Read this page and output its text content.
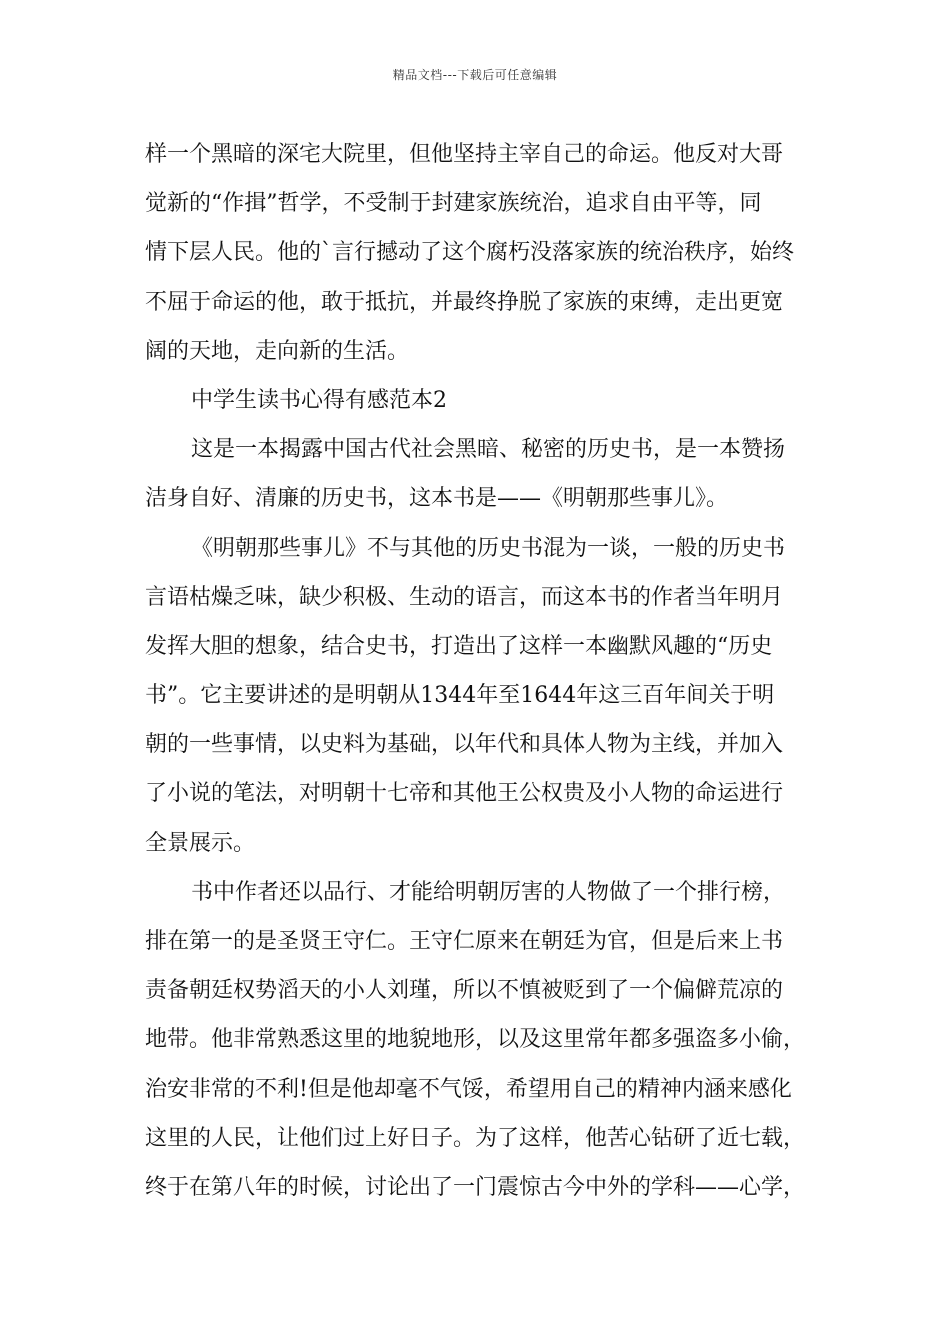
精品文档---下载后可任意编辑
样一个黑暗的深宅大院里，但他坚持主宰自己的命运。他反对大哥
觉新的“作揖”哲学，不受制于封建家族统治，追求自由平等，同
情下层人民。他的`言行撼动了这个腐朽没落家族的统治秩序，始终
不屈于命运的他，敢于抵抗，并最终挣脱了家族的束缚，走出更宽
阔的天地，走向新的生活。
中学生读书心得有感范本2
这是一本揭露中国古代社会黑暗、秘密的历史书，是一本赞扬
洁身自好、清廉的历史书，这本书是——《明朝那些事儿》。
《明朝那些事儿》不与其他的历史书混为一谈，一般的历史书
言语枯燥乏味，缺少积极、生动的语言，而这本书的作者当年明月
发挥大胆的想象，结合史书，打造出了这样一本幽默风趣的“历史
书”。它主要讲述的是明朝从1344年至1644年这三百年间关于明
朝的一些事情，以史料为基础，以年代和具体人物为主线，并加入
了小说的笔法，对明朝十七帝和其他王公权贵及小人物的命运进行
全景展示。
书中作者还以品行、才能给明朝厉害的人物做了一个排行榜，
排在第一的是圣贤王守仁。王守仁原来在朝廷为官，但是后来上书
责备朝廷权势滔天的小人刘瑾，所以不慎被贬到了一个偏僻荒凉的
地带。他非常熟悉这里的地貌地形，以及这里常年都多强盗多小偷，
治安非常的不利!但是他却毫不气馁，希望用自己的精神内涵来感化
这里的人民，让他们过上好日子。为了这样，他苦心钻研了近七载，
终于在第八年的时候，讨论出了一门震惊古今中外的学科——心学，
